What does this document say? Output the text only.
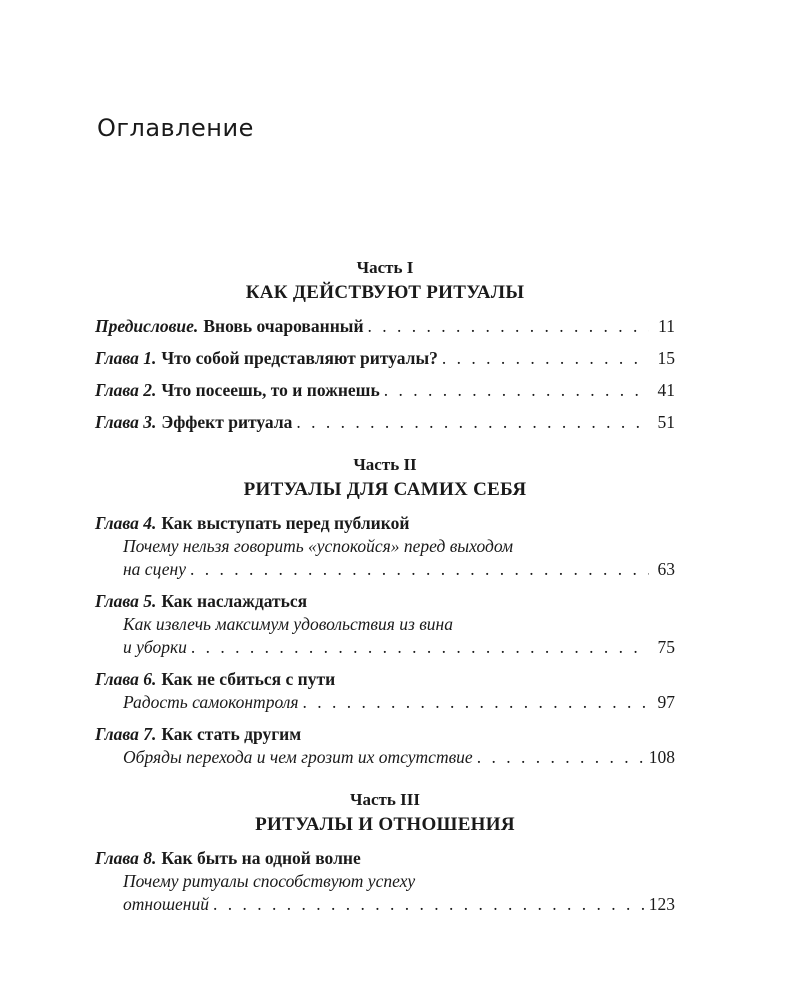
Оглавление
Часть I
КАК ДЕЙСТВУЮТ РИТУАЛЫ
Предисловие. Вновь очарованный . . .	11
Глава 1. Что собой представляют ритуалы? . . .	15
Глава 2. Что посеешь, то и пожнешь . . .	41
Глава 3. Эффект ритуала . . .	51
Часть II
РИТУАЛЫ ДЛЯ САМИХ СЕБЯ
Глава 4. Как выступать перед публикой
Почему нельзя говорить «успокойся» перед выходом
на сцену . . .	63
Глава 5. Как наслаждаться
Как извлечь максимум удовольствия из вина
и уборки . . .	75
Глава 6. Как не сбиться с пути
Радость самоконтроля . . .	97
Глава 7. Как стать другим
Обряды перехода и чем грозит их отсутствие . . .	108
Часть III
РИТУАЛЫ И ОТНОШЕНИЯ
Глава 8. Как быть на одной волне
Почему ритуалы способствуют успеху
отношений . . .	123
